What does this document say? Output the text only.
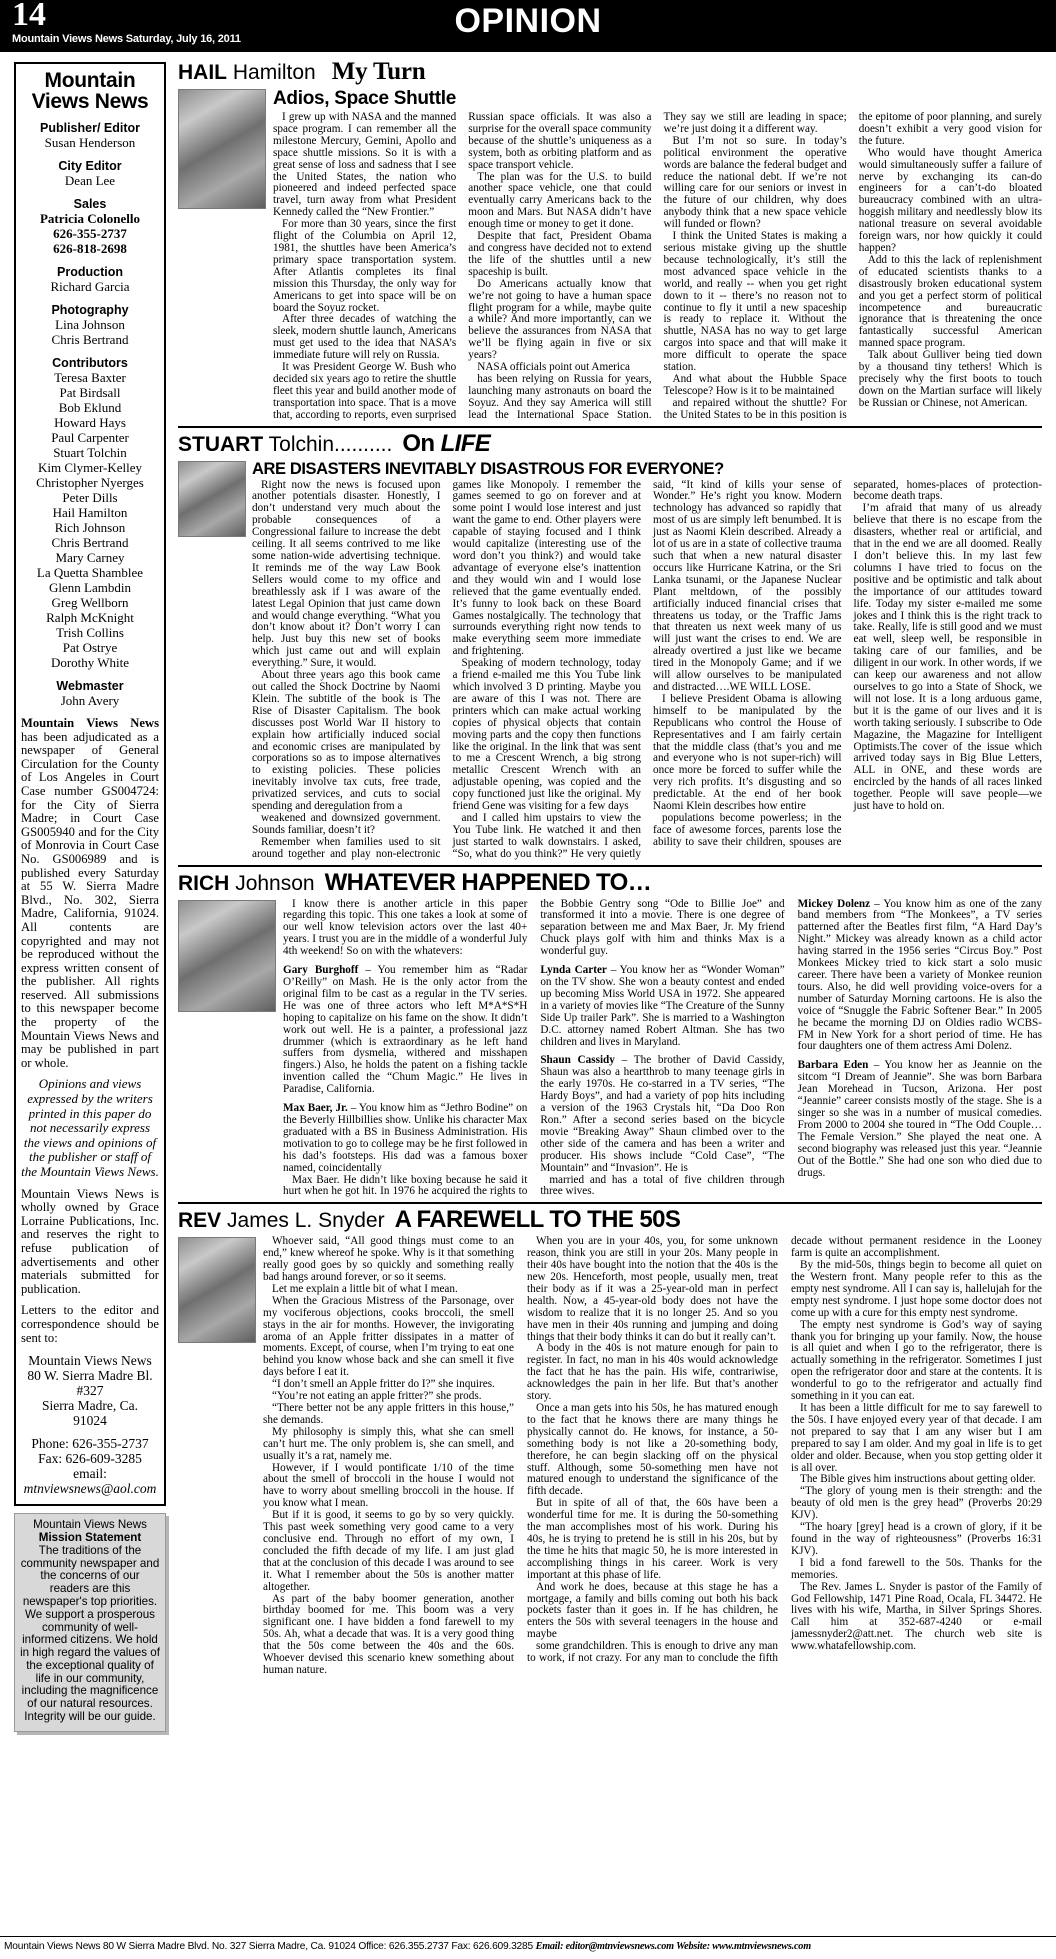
14
Mountain Views News Saturday, July 16, 2011	OPINION
Mountain Views News
Publisher/ Editor
Susan Henderson
City Editor
Dean Lee
Sales
Patricia Colonello
626-355-2737
626-818-2698
Production
Richard Garcia
Photography
Lina Johnson
Chris Bertrand
Contributors
Teresa Baxter
Pat Birdsall
Bob Eklund
Howard Hays
Paul Carpenter
Stuart Tolchin
Kim Clymer-Kelley
Christopher Nyerges
Peter Dills
Hail Hamilton
Rich Johnson
Chris Bertrand
Mary Carney
La Quetta Shamblee
Glenn Lambdin
Greg Wellborn
Ralph McKnight
Trish Collins
Pat Ostrye
Dorothy White
Webmaster
John Avery
Mountain Views News has been adjudicated as a newspaper of General Circulation for the County of Los Angeles in Court Case number GS004724: for the City of Sierra Madre; in Court Case GS005940 and for the City of Monrovia in Court Case No. GS006989 and is published every Saturday at 55 W. Sierra Madre Blvd., No. 302, Sierra Madre, California, 91024. All contents are copyrighted and may not be reproduced without the express written consent of the publisher. All rights reserved. All submissions to this newspaper become the property of the Mountain Views News and may be published in part or whole.
Opinions and views expressed by the writers printed in this paper do not necessarily express the views and opinions of the publisher or staff of the Mountain Views News.
Mountain Views News is wholly owned by Grace Lorraine Publications, Inc. and reserves the right to refuse publication of advertisements and other materials submitted for publication.
Letters to the editor and correspondence should be sent to:
Mountain Views News
80 W. Sierra Madre Bl.
#327
Sierra Madre, Ca.
91024
Phone: 626-355-2737
Fax: 626-609-3285
email:
mtnviewsnews@aol.com
Mountain Views News
Mission Statement
The traditions of the community newspaper and the concerns of our readers are this newspaper's top priorities. We support a prosperous community of well-informed citizens. We hold in high regard the values of the exceptional quality of life in our community, including the magnificence of our natural resources. Integrity will be our guide.
HAIL Hamilton My Turn
Adios, Space Shuttle

I grew up with NASA and the manned space program. I can remember all the milestone Mercury, Gemini, Apollo and space shuttle missions. So it is with a great sense of loss and sadness that I see the United States, the nation who pioneered and indeed perfected space travel, turn away from what President Kennedy called the “New Frontier.”

For more than 30 years, since the first flight of the Columbia on April 12, 1981, the shuttles have been America’s primary space transportation system. After Atlantis completes its final mission this Thursday, the only way for Americans to get into space will be on board the Soyuz rocket.

After three decades of watching the sleek, modern shuttle launch, Americans must get used to the idea that NASA’s immediate future will rely on Russia.

It was President George W. Bush who decided six years ago to retire the shuttle fleet this year and build another mode of transportation into space. That is a move that, according to reports, even surprised Russian space officials. It was also a surprise for the overall space community because of the shuttle’s uniqueness as a system, both as orbiting platform and as space transport vehicle.

The plan was for the U.S. to build another space vehicle, one that could eventually carry Americans back to the moon and Mars. But NASA didn’t have enough time or money to get it done.

Despite that fact, President Obama and congress have decided not to extend the life of the shuttles until a new spaceship is built.

Do Americans actually know that we’re not going to have a human space flight program for a while, maybe quite a while? And more importantly, can we believe the assurances from NASA that we’ll be flying again in five or six years?

NASA officials point out America

has been relying on Russia for years, launching many astronauts on board the Soyuz. And they say America will still lead the International Space Station. They say we still are leading in space; we’re just doing it a different way.

But I’m not so sure. In today’s political environment the operative words are balance the federal budget and reduce the national debt. If we’re not willing care for our seniors or invest in the future of our children, why does anybody think that a new space vehicle will funded or flown?

I think the United States is making a serious mistake giving up the shuttle because technologically, it’s still the most advanced space vehicle in the world, and really -- when you get right down to it -- there’s no reason not to continue to fly it until a new spaceship is ready to replace it. Without the shuttle, NASA has no way to get large cargos into space and that will make it more difficult to operate the space station.

And what about the Hubble Space Telescope? How is it to be maintained

and repaired without the shuttle? For the United States to be in this position is the epitome of poor planning, and surely doesn’t exhibit a very good vision for the future.

Who would have thought America would simultaneously suffer a failure of nerve by exchanging its can-do engineers for a can’t-do bloated bureaucracy combined with an ultra-hoggish military and needlessly blow its national treasure on several avoidable foreign wars, nor how quickly it could happen?

Add to this the lack of replenishment of educated scientists thanks to a disastrously broken educational system and you get a perfect storm of political incompetence and bureaucratic ignorance that is threatening the once fantastically successful American manned space program.

Talk about Gulliver being tied down by a thousand tiny tethers! Which is precisely why the first boots to touch down on the Martian surface will likely be Russian or Chinese, not American.

STUART Tolchin.......... On LIFE
ARE DISASTERS INEVITABLY DISASTROUS FOR EVERYONE?

Right now the news is focused upon another potentials disaster. Honestly, I don’t understand very much about the probable consequences of a Congressional failure to increase the debt ceiling. It all seems contrived to me like some nation-wide advertising technique. It reminds me of the way Law Book Sellers would come to my office and breathlessly ask if I was aware of the latest Legal Opinion that just came down and would change everything. “What you don’t know about it? Don’t worry I can help. Just buy this new set of books which just came out and will explain everything.” Sure, it would.

About three years ago this book came out called the Shock Doctrine by Naomi Klein. The subtitle of the book is The Rise of Disaster Capitalism. The book discusses post World War II history to explain how artificially induced social and economic crises are manipulated by corporations so as to impose alternatives to existing policies. These policies inevitably involve tax cuts, free trade, privatized services, and cuts to social spending and deregulation from a

weakened and downsized government. Sounds familiar, doesn’t it?

Remember when families used to sit around together and play non-electronic games like Monopoly. I remember the games seemed to go on forever and at some point I would lose interest and just want the game to end. Other players were capable of staying focused and I think would capitalize (interesting use of the word don’t you think?) and would take advantage of everyone else’s inattention and they would win and I would lose relieved that the game eventually ended. It’s funny to look back on these Board Games nostalgically. The technology that surrounds everything right now tends to make everything seem more immediate and frightening.

Speaking of modern technology, today a friend e-mailed me this You Tube link which involved 3 D printing. Maybe you are aware of this I was not. There are printers which can make actual working copies of physical objects that contain moving parts and the copy then functions like the original. In the link that was sent to me a Crescent Wrench, a big strong metallic Crescent Wrench with an adjustable opening, was copied and the copy functioned just like the original. My friend Gene was visiting for a few days

and I called him upstairs to view the You Tube link. He watched it and then just started to walk downstairs. I asked, “So, what do you think?” He very quietly said, “It kind of kills your sense of Wonder.” He’s right you know. Modern technology has advanced so rapidly that most of us are simply left benumbed. It is just as Naomi Klein described. Already a lot of us are in a state of collective trauma such that when a new natural disaster occurs like Hurricane Katrina, or the Sri Lanka tsunami, or the Japanese Nuclear Plant meltdown, of the possibly artificially induced financial crises that threatens us today, or the Traffic Jams that threaten us next week many of us will just want the crises to end. We are already overtired a just like we became tired in the Monopoly Game; and if we will allow ourselves to be manipulated and distracted….WE WILL LOSE.

I believe President Obama is allowing himself to be manipulated by the Republicans who control the House of Representatives and I am fairly certain that the middle class (that’s you and me and everyone who is not super-rich) will once more be forced to suffer while the very rich profits. It’s disgusting and so predictable. At the end of her book Naomi Klein describes how entire

populations become powerless; in the face of awesome forces, parents lose the ability to save their children, spouses are separated, homes-places of protection-become death traps.

I’m afraid that many of us already believe that there is no escape from the disasters, whether real or artificial, and that in the end we are all doomed. Really I don’t believe this. In my last few columns I have tried to focus on the positive and be optimistic and talk about the importance of our attitudes toward life. Today my sister e-mailed me some jokes and I think this is the right track to take. Really, life is still good and we must eat well, sleep well, be responsible in taking care of our families, and be diligent in our work. In other words, if we can keep our awareness and not allow ourselves to go into a State of Shock, we will not lose. It is a long arduous game, but it is the game of our lives and it is worth taking seriously. I subscribe to Ode Magazine, the Magazine for Intelligent Optimists.The cover of the issue which arrived today says in Big Blue Letters, ALL in ONE, and these words are encircled by the hands of all races linked together. People will save people—we just have to hold on.

RICH Johnson WHATEVER HAPPENED TO…

I know there is another article in this paper regarding this topic. This one takes a look at some of our well know television actors over the last 40+ years. I trust you are in the middle of a wonderful July 4th weekend! So on with the whatevers:

Gary Burghoff – You remember him as “Radar O’Reilly” on Mash. He is the only actor from the original film to be cast as a regular in the TV series. He was one of three actors who left M*A*S*H hoping to capitalize on his fame on the show. It didn’t work out well. He is a painter, a professional jazz drummer (which is extraordinary as he left hand suffers from dysmelia, withered and misshapen fingers.) Also, he holds the patent on a fishing tackle invention called the “Chum Magic.” He lives in Paradise, California.

Max Baer, Jr. – You know him as “Jethro Bodine” on the Beverly Hillbillies show. Unlike his character Max graduated with a BS in Business Administration. His motivation to go to college may be he first followed in his dad’s footsteps. His dad was a famous boxer named, coincidentally

Max Baer. He didn’t like boxing because he said it hurt when he got hit. In 1976 he acquired the rights to the Bobbie Gentry song “Ode to Billie Joe” and transformed it into a movie. There is one degree of separation between me and Max Baer, Jr. My friend Chuck plays golf with him and thinks Max is a wonderful guy.

Lynda Carter – You know her as “Wonder Woman” on the TV show. She won a beauty contest and ended up becoming Miss World USA in 1972. She appeared in a variety of movies like “The Creature of the Sunny Side Up trailer Park”. She is married to a Washington D.C. attorney named Robert Altman. She has two children and lives in Maryland.

Shaun Cassidy – The brother of David Cassidy, Shaun was also a heartthrob to many teenage girls in the early 1970s. He co-starred in a TV series, “The Hardy Boys”, and had a variety of pop hits including a version of the 1963 Crystals hit, “Da Doo Ron Ron.” After a second series based on the bicycle movie “Breaking Away” Shaun climbed over to the other side of the camera and has been a writer and producer. His shows include “Cold Case”, “The Mountain” and “Invasion”. He is

married and has a total of five children through three wives.

Mickey Dolenz – You know him as one of the zany band members from “The Monkees”, a TV series patterned after the Beatles first film, “A Hard Day’s Night.” Mickey was already known as a child actor having starred in the 1956 series “Circus Boy.” Post Monkees Mickey tried to kick start a solo music career. There have been a variety of Monkee reunion tours. Also, he did well providing voice-overs for a number of Saturday Morning cartoons. He is also the voice of “Snuggle the Fabric Softener Bear.” In 2005 he became the morning DJ on Oldies radio WCBS-FM in New York for a short period of time. He has four daughters one of them actress Ami Dolenz.

Barbara Eden – You know her as Jeannie on the sitcom “I Dream of Jeannie”. She was born Barbara Jean Morehead in Tucson, Arizona. Her post “Jeannie” career consists mostly of the stage. She is a singer so she was in a number of musical comedies. From 2000 to 2004 she toured in “The Odd Couple…The Female Version.” She played the neat one. A second biography was released just this year. “Jeannie Out of the Bottle.” She had one son who died due to drugs.

REV James L. Snyder A FAREWELL TO THE 50S

Whoever said, “All good things must come to an end,” knew whereof he spoke. Why is it that something really good goes by so quickly and something really bad hangs around forever, or so it seems.

Let me explain a little bit of what I mean.

When the Gracious Mistress of the Parsonage, over my vociferous objections, cooks broccoli, the smell stays in the air for months. However, the invigorating aroma of an Apple fritter dissipates in a matter of moments. Except, of course, when I’m trying to eat one behind you know whose back and she can smell it five days before I eat it.

“I don’t smell an Apple fritter do I?” she inquires.

“You’re not eating an apple fritter?” she prods.

“There better not be any apple fritters in this house,” she demands.

My philosophy is simply this, what she can smell can’t hurt me. The only problem is, she can smell, and usually it’s a rat, namely me.

However, if I would pontificate 1/10 of the time about the smell of broccoli in the house I would not have to worry about smelling broccoli in the house. If you know what I mean.

But if it is good, it seems to go by so very quickly. This past week something very good came to a very conclusive end. Through no effort of my own, I concluded the fifth decade of my life. I am just glad that at the conclusion of this decade I was around to see it. What I remember about the 50s is another matter altogether.

As part of the baby boomer generation, another birthday boomed for me. This boom was a very significant one. I have bidden a fond farewell to my 50s. Ah, what a decade that was. It is a very good thing that the 50s come between the 40s and the 60s. Whoever devised this scenario knew something about human nature.

When you are in your 40s, you, for some unknown reason, think you are still in your 20s. Many people in their 40s have bought into the notion that the 40s is the new 20s. Henceforth, most people, usually men, treat their body as if it was a 25-year-old man in perfect health. Now, a 45-year-old body does not have the wisdom to realize that it is no longer 25. And so you have men in their 40s running and jumping and doing things that their body thinks it can do but it really can’t.

A body in the 40s is not mature enough for pain to register. In fact, no man in his 40s would acknowledge the fact that he has the pain. His wife, contrariwise, acknowledges the pain in her life. But that’s another story.

Once a man gets into his 50s, he has matured enough to the fact that he knows there are many things he physically cannot do. He knows, for instance, a 50-something body is not like a 20-something body, therefore, he can begin slacking off on the physical stuff. Although, some 50-something men have not matured enough to understand the significance of the fifth decade.

But in spite of all of that, the 60s have been a wonderful time for me. It is during the 50-something the man accomplishes most of his work. During his 40s, he is trying to pretend he is still in his 20s, but by the time he hits that magic 50, he is more interested in accomplishing things in his career. Work is very important at this phase of life.

And work he does, because at this stage he has a mortgage, a family and bills coming out both his back pockets faster than it goes in. If he has children, he enters the 50s with several teenagers in the house and maybe

some grandchildren. This is enough to drive any man to work, if not crazy. For any man to conclude the fifth decade without permanent residence in the Looney farm is quite an accomplishment.

By the mid-50s, things begin to become all quiet on the Western front. Many people refer to this as the empty nest syndrome. All I can say is, hallelujah for the empty nest syndrome. I just hope some doctor does not come up with a cure for this empty nest syndrome.

The empty nest syndrome is God’s way of saying thank you for bringing up your family. Now, the house is all quiet and when I go to the refrigerator, there is actually something in the refrigerator. Sometimes I just open the refrigerator door and stare at the contents. It is wonderful to go to the refrigerator and actually find something in it you can eat.

It has been a little difficult for me to say farewell to the 50s. I have enjoyed every year of that decade. I am not prepared to say that I am any wiser but I am prepared to say I am older. And my goal in life is to get older and older. Because, when you stop getting older it is all over.

The Bible gives him instructions about getting older.

“The glory of young men is their strength: and the beauty of old men is the grey head” (Proverbs 20:29 KJV).

“The hoary [grey] head is a crown of glory, if it be found in the way of righteousness” (Proverbs 16:31 KJV).

I bid a fond farewell to the 50s. Thanks for the memories.

The Rev. James L. Snyder is pastor of the Family of God Fellowship, 1471 Pine Road, Ocala, FL 34472. He lives with his wife, Martha, in Silver Springs Shores. Call him at 352-687-4240 or e-mail jamessnyder2@att.net. The church web site is www.whatafellowship.com.

Mountain Views News 80 W Sierra Madre Blvd. No. 327 Sierra Madre, Ca. 91024 Office: 626.355.2737 Fax: 626.609.3285 Email: editor@mtnviewsnews.com Website: www.mtnviewsnews.com
